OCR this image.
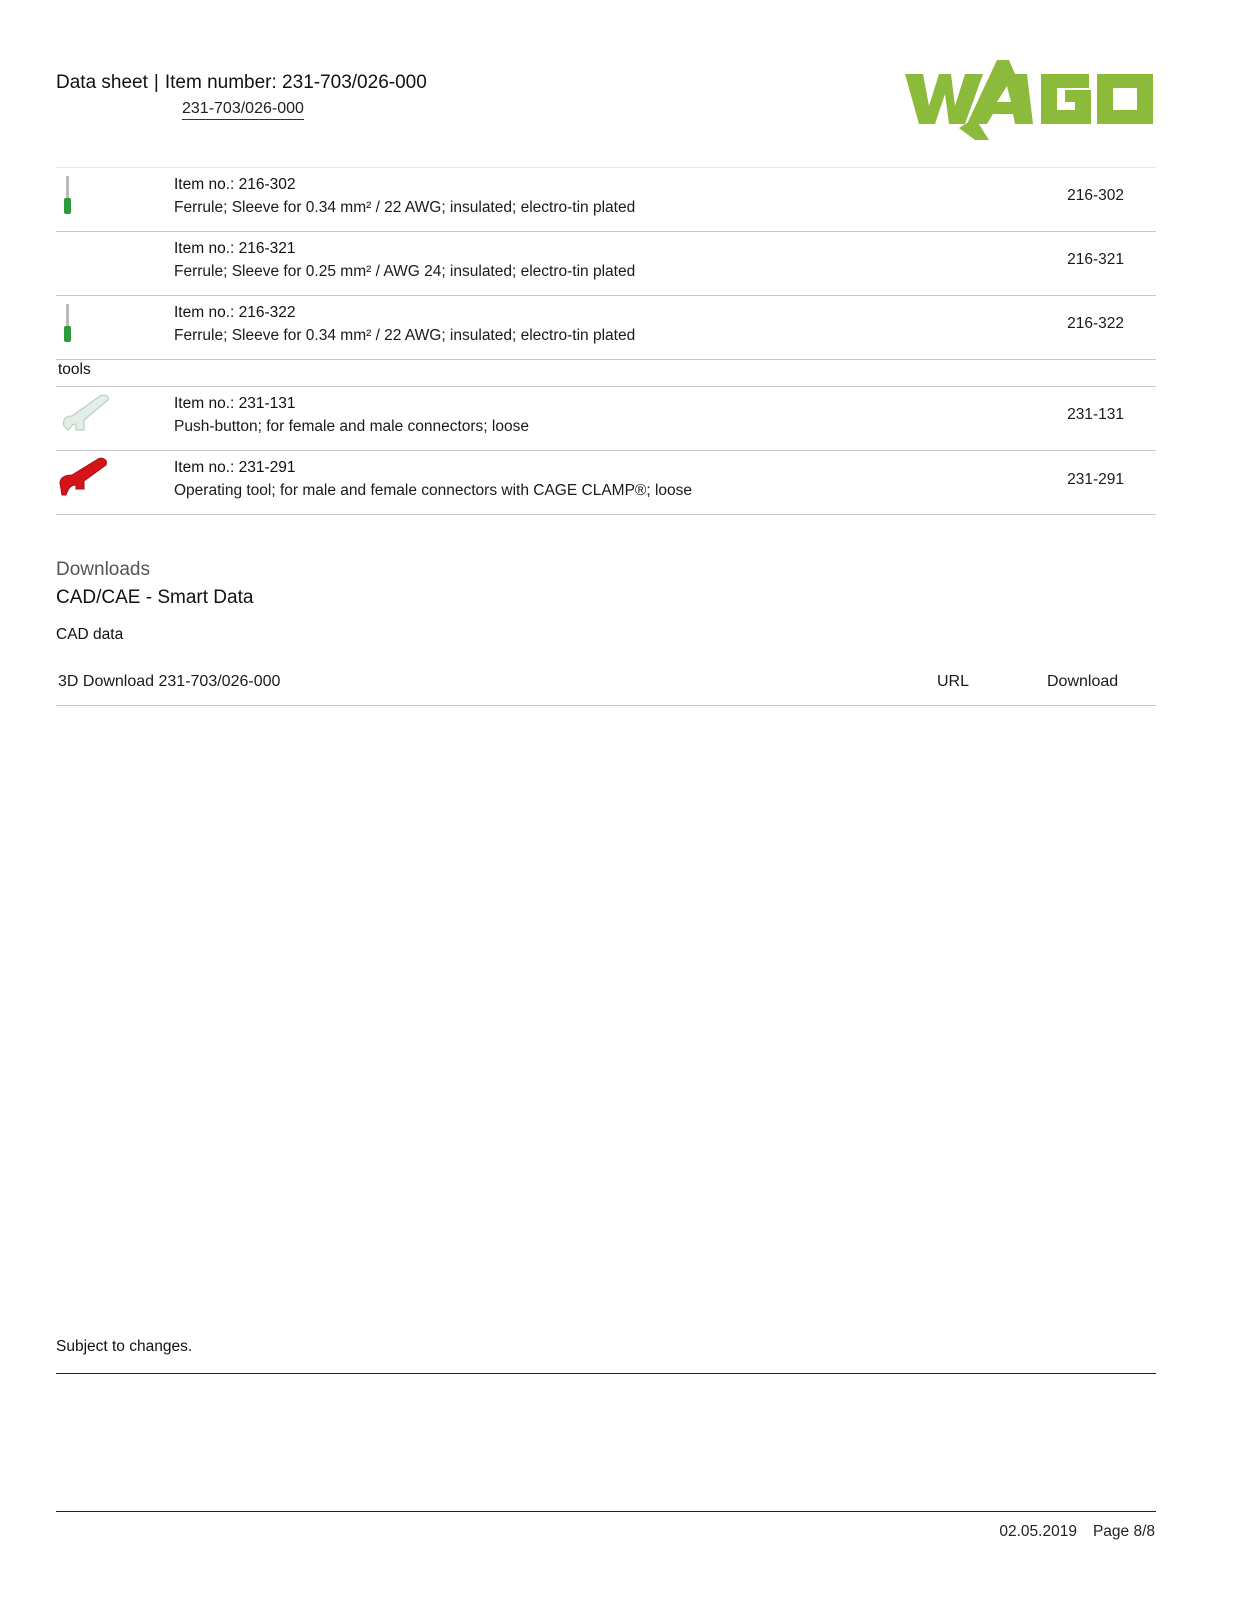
Data sheet | Item number: 231-703/026-000
231-703/026-000
Item no.: 216-302
Ferrule; Sleeve for 0.34 mm² / 22 AWG; insulated; electro-tin plated
216-302
Item no.: 216-321
Ferrule; Sleeve for 0.25 mm² / AWG 24; insulated; electro-tin plated
216-321
Item no.: 216-322
Ferrule; Sleeve for 0.34 mm² / 22 AWG; insulated; electro-tin plated
216-322
tools
Item no.: 231-131
Push-button; for female and male connectors; loose
231-131
Item no.: 231-291
Operating tool; for male and female connectors with CAGE CLAMP®; loose
231-291
Downloads
CAD/CAE - Smart Data
CAD data
3D Download 231-703/026-000	URL	Download
Subject to changes.
02.05.2019 Page 8/8
